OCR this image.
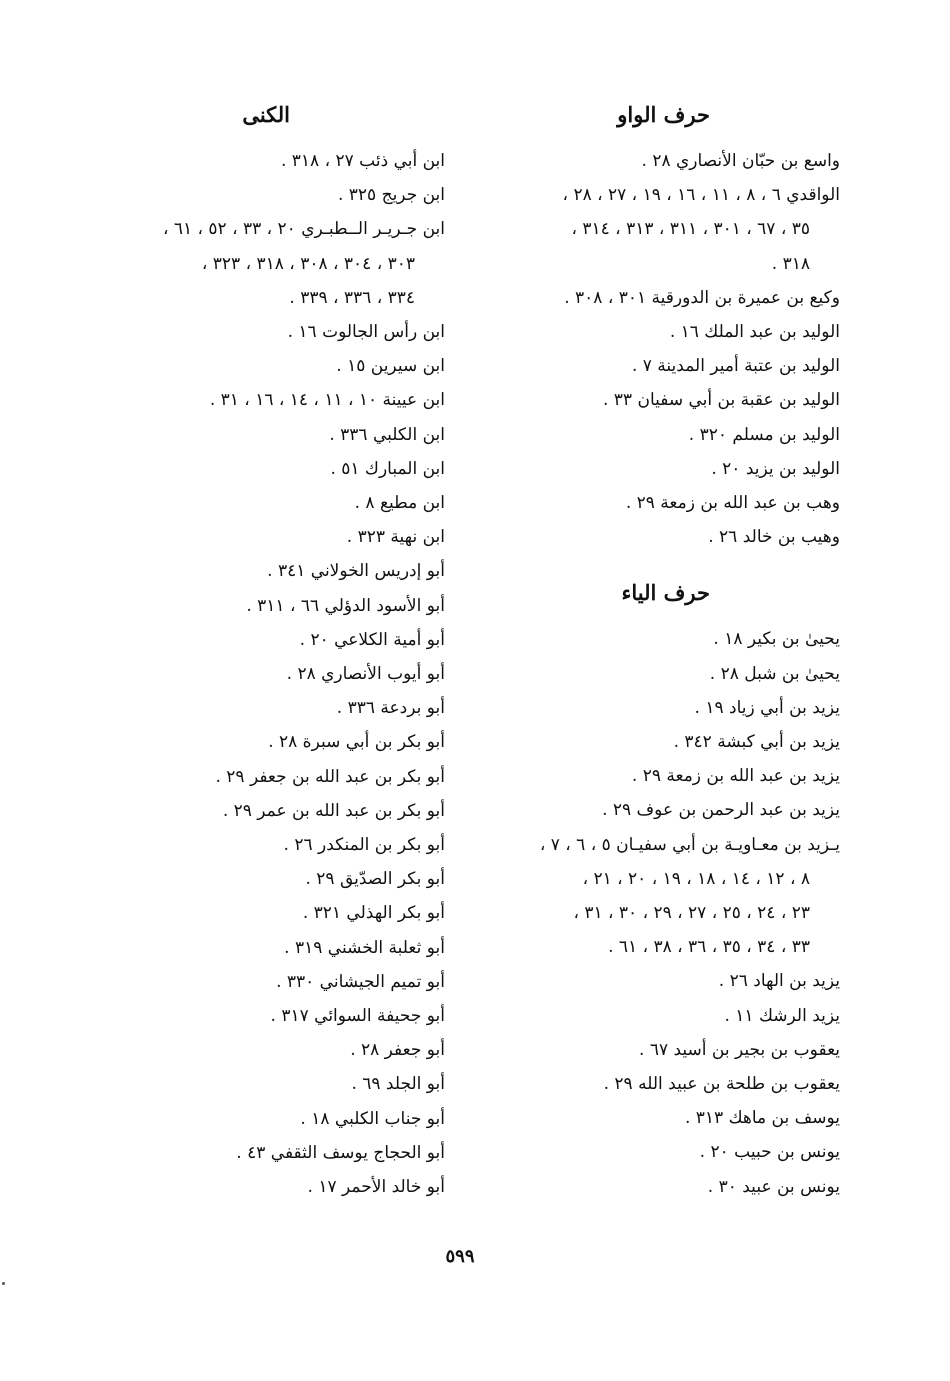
حرف الواو
واسع بن حبّان الأنصاري ٢٨ .
الواقدي ٦ ، ٨ ، ١١ ، ١٦ ، ١٩ ، ٢٧ ، ٢٨ ،
٣٥ ، ٦٧ ، ٣٠١ ، ٣١١ ، ٣١٣ ، ٣١٤ ،
٣١٨ .
وكيع بن عميرة بن الدورقية ٣٠١ ، ٣٠٨ .
الوليد بن عبد الملك ١٦ .
الوليد بن عتبة أمير المدينة ٧ .
الوليد بن عقبة بن أبي سفيان ٣٣ .
الوليد بن مسلم ٣٢٠ .
الوليد بن يزيد ٢٠ .
وهب بن عبد الله بن زمعة ٢٩ .
وهيب بن خالد ٢٦ .
حرف الياء
يحيىٰ بن بكير ١٨ .
يحيىٰ بن شبل ٢٨ .
يزيد بن أبي زياد ١٩ .
يزيد بن أبي كبشة ٣٤٢ .
يزيد بن عبد الله بن زمعة ٢٩ .
يزيد بن عبد الرحمن بن عوف ٢٩ .
يـزيد بن معـاويـة بن أبي سفيـان ٥ ، ٦ ، ٧ ،
٨ ، ١٢ ، ١٤ ، ١٨ ، ١٩ ، ٢٠ ، ٢١ ،
٢٣ ، ٢٤ ، ٢٥ ، ٢٧ ، ٢٩ ، ٣٠ ، ٣١ ،
٣٣ ، ٣٤ ، ٣٥ ، ٣٦ ، ٣٨ ، ٦١ .
يزيد بن الهاد ٢٦ .
يزيد الرشك ١١ .
يعقوب بن بجير بن أسيد ٦٧ .
يعقوب بن طلحة بن عبيد الله ٢٩ .
يوسف بن ماهك ٣١٣ .
يونس بن حبيب ٢٠ .
يونس بن عبيد ٣٠ .
الكنى
ابن أبي ذئب ٢٧ ، ٣١٨ .
ابن جريج ٣٢٥ .
ابن جـريـر الــطبـري ٢٠ ، ٣٣ ، ٥٢ ، ٦١ ،
٣٠٣ ، ٣٠٤ ، ٣٠٨ ، ٣١٨ ، ٣٢٣ ،
٣٣٤ ، ٣٣٦ ، ٣٣٩ .
ابن رأس الجالوت ١٦ .
ابن سيرين ١٥ .
ابن عيينة ١٠ ، ١١ ، ١٤ ، ١٦ ، ٣١ .
ابن الكلبي ٣٣٦ .
ابن المبارك ٥١ .
ابن مطيع ٨ .
ابن نهية ٣٢٣ .
أبو إدريس الخولاني ٣٤١ .
أبو الأسود الدؤلي ٦٦ ، ٣١١ .
أبو أمية الكلاعي ٢٠ .
أبو أيوب الأنصاري ٢٨ .
أبو بردعة ٣٣٦ .
أبو بكر بن أبي سبرة ٢٨ .
أبو بكر بن عبد الله بن جعفر ٢٩ .
أبو بكر بن عبد الله بن عمر ٢٩ .
أبو بكر بن المنكدر ٢٦ .
أبو بكر الصدّيق ٢٩ .
أبو بكر الهذلي ٣٢١ .
أبو ثعلبة الخشني ٣١٩ .
أبو تميم الجيشاني ٣٣٠ .
أبو جحيفة السوائي ٣١٧ .
أبو جعفر ٢٨ .
أبو الجلد ٦٩ .
أبو جناب الكلبي ١٨ .
أبو الحجاج يوسف الثقفي ٤٣ .
أبو خالد الأحمر ١٧ .
٥٩٩
